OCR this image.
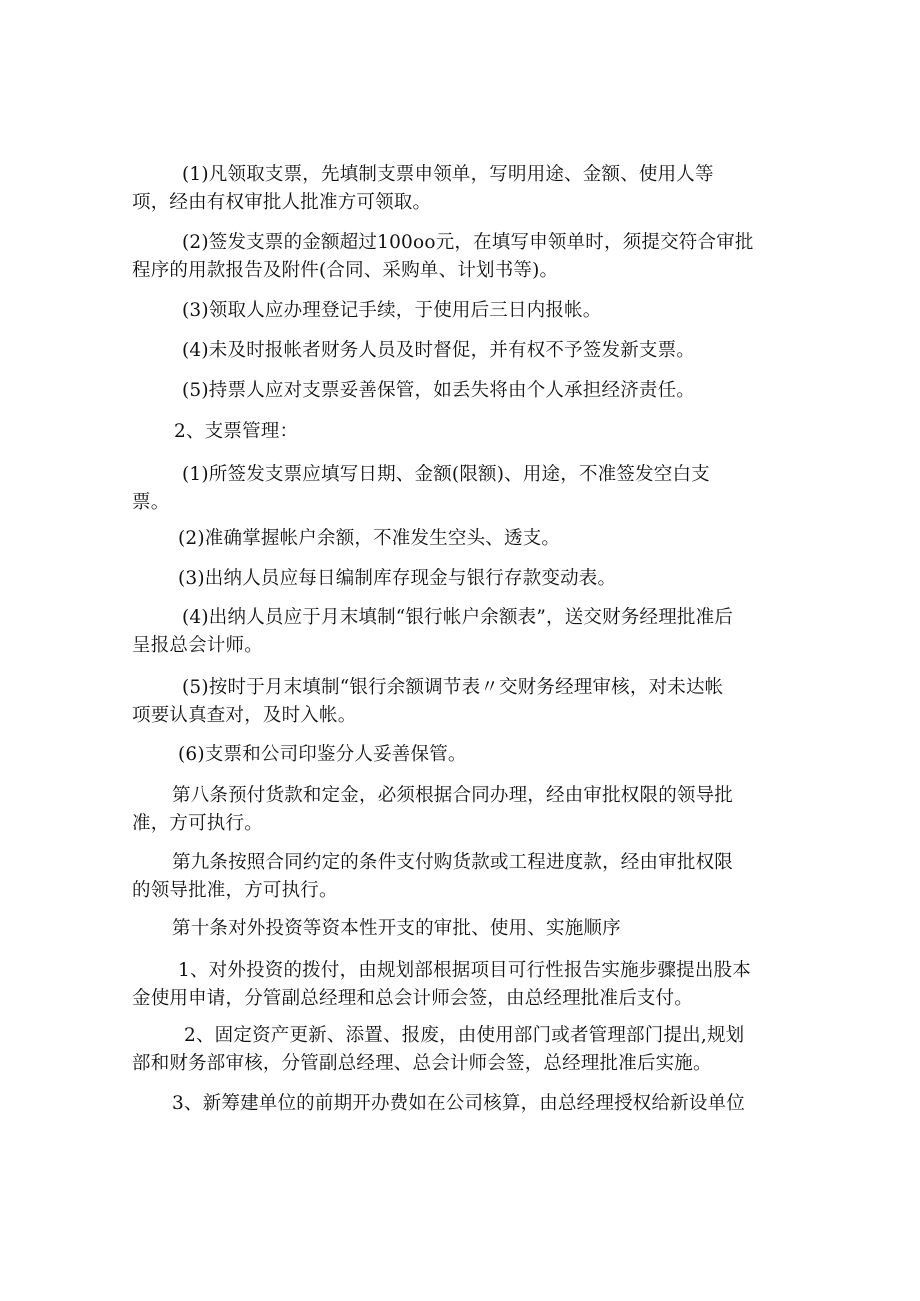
(1)凡领取支票，先填制支票申领单，写明用途、金额、使用人等
项，经由有权审批人批准方可领取。
(2)签发支票的金额超过100oo元，在填写申领单时，须提交符合审批
程序的用款报告及附件(合同、采购单、计划书等)。
(3)领取人应办理登记手续，于使用后三日内报帐。
(4)未及时报帐者财务人员及时督促，并有权不予签发新支票。
(5)持票人应对支票妥善保管，如丢失将由个人承担经济责任。
2、支票管理：
(1)所签发支票应填写日期、金额(限额)、用途，不准签发空白支
票。
(2)准确掌握帐户余额，不准发生空头、透支。
(3)出纳人员应每日编制库存现金与银行存款变动表。
(4)出纳人员应于月末填制“银行帐户余额表”，送交财务经理批准后
呈报总会计师。
(5)按时于月末填制“银行余额调节表〃交财务经理审核，对未达帐
项要认真查对，及时入帐。
(6)支票和公司印鉴分人妥善保管。
第八条预付货款和定金，必须根据合同办理，经由审批权限的领导批
准，方可执行。
第九条按照合同约定的条件支付购货款或工程进度款，经由审批权限
的领导批准，方可执行。
第十条对外投资等资本性开支的审批、使用、实施顺序
1、对外投资的拨付，由规划部根据项目可行性报告实施步骤提出股本
金使用申请，分管副总经理和总会计师会签，由总经理批准后支付。
2、固定资产更新、添置、报废，由使用部门或者管理部门提出,规划
部和财务部审核，分管副总经理、总会计师会签，总经理批准后实施。
3、新筹建单位的前期开办费如在公司核算，由总经理授权给新设单位
